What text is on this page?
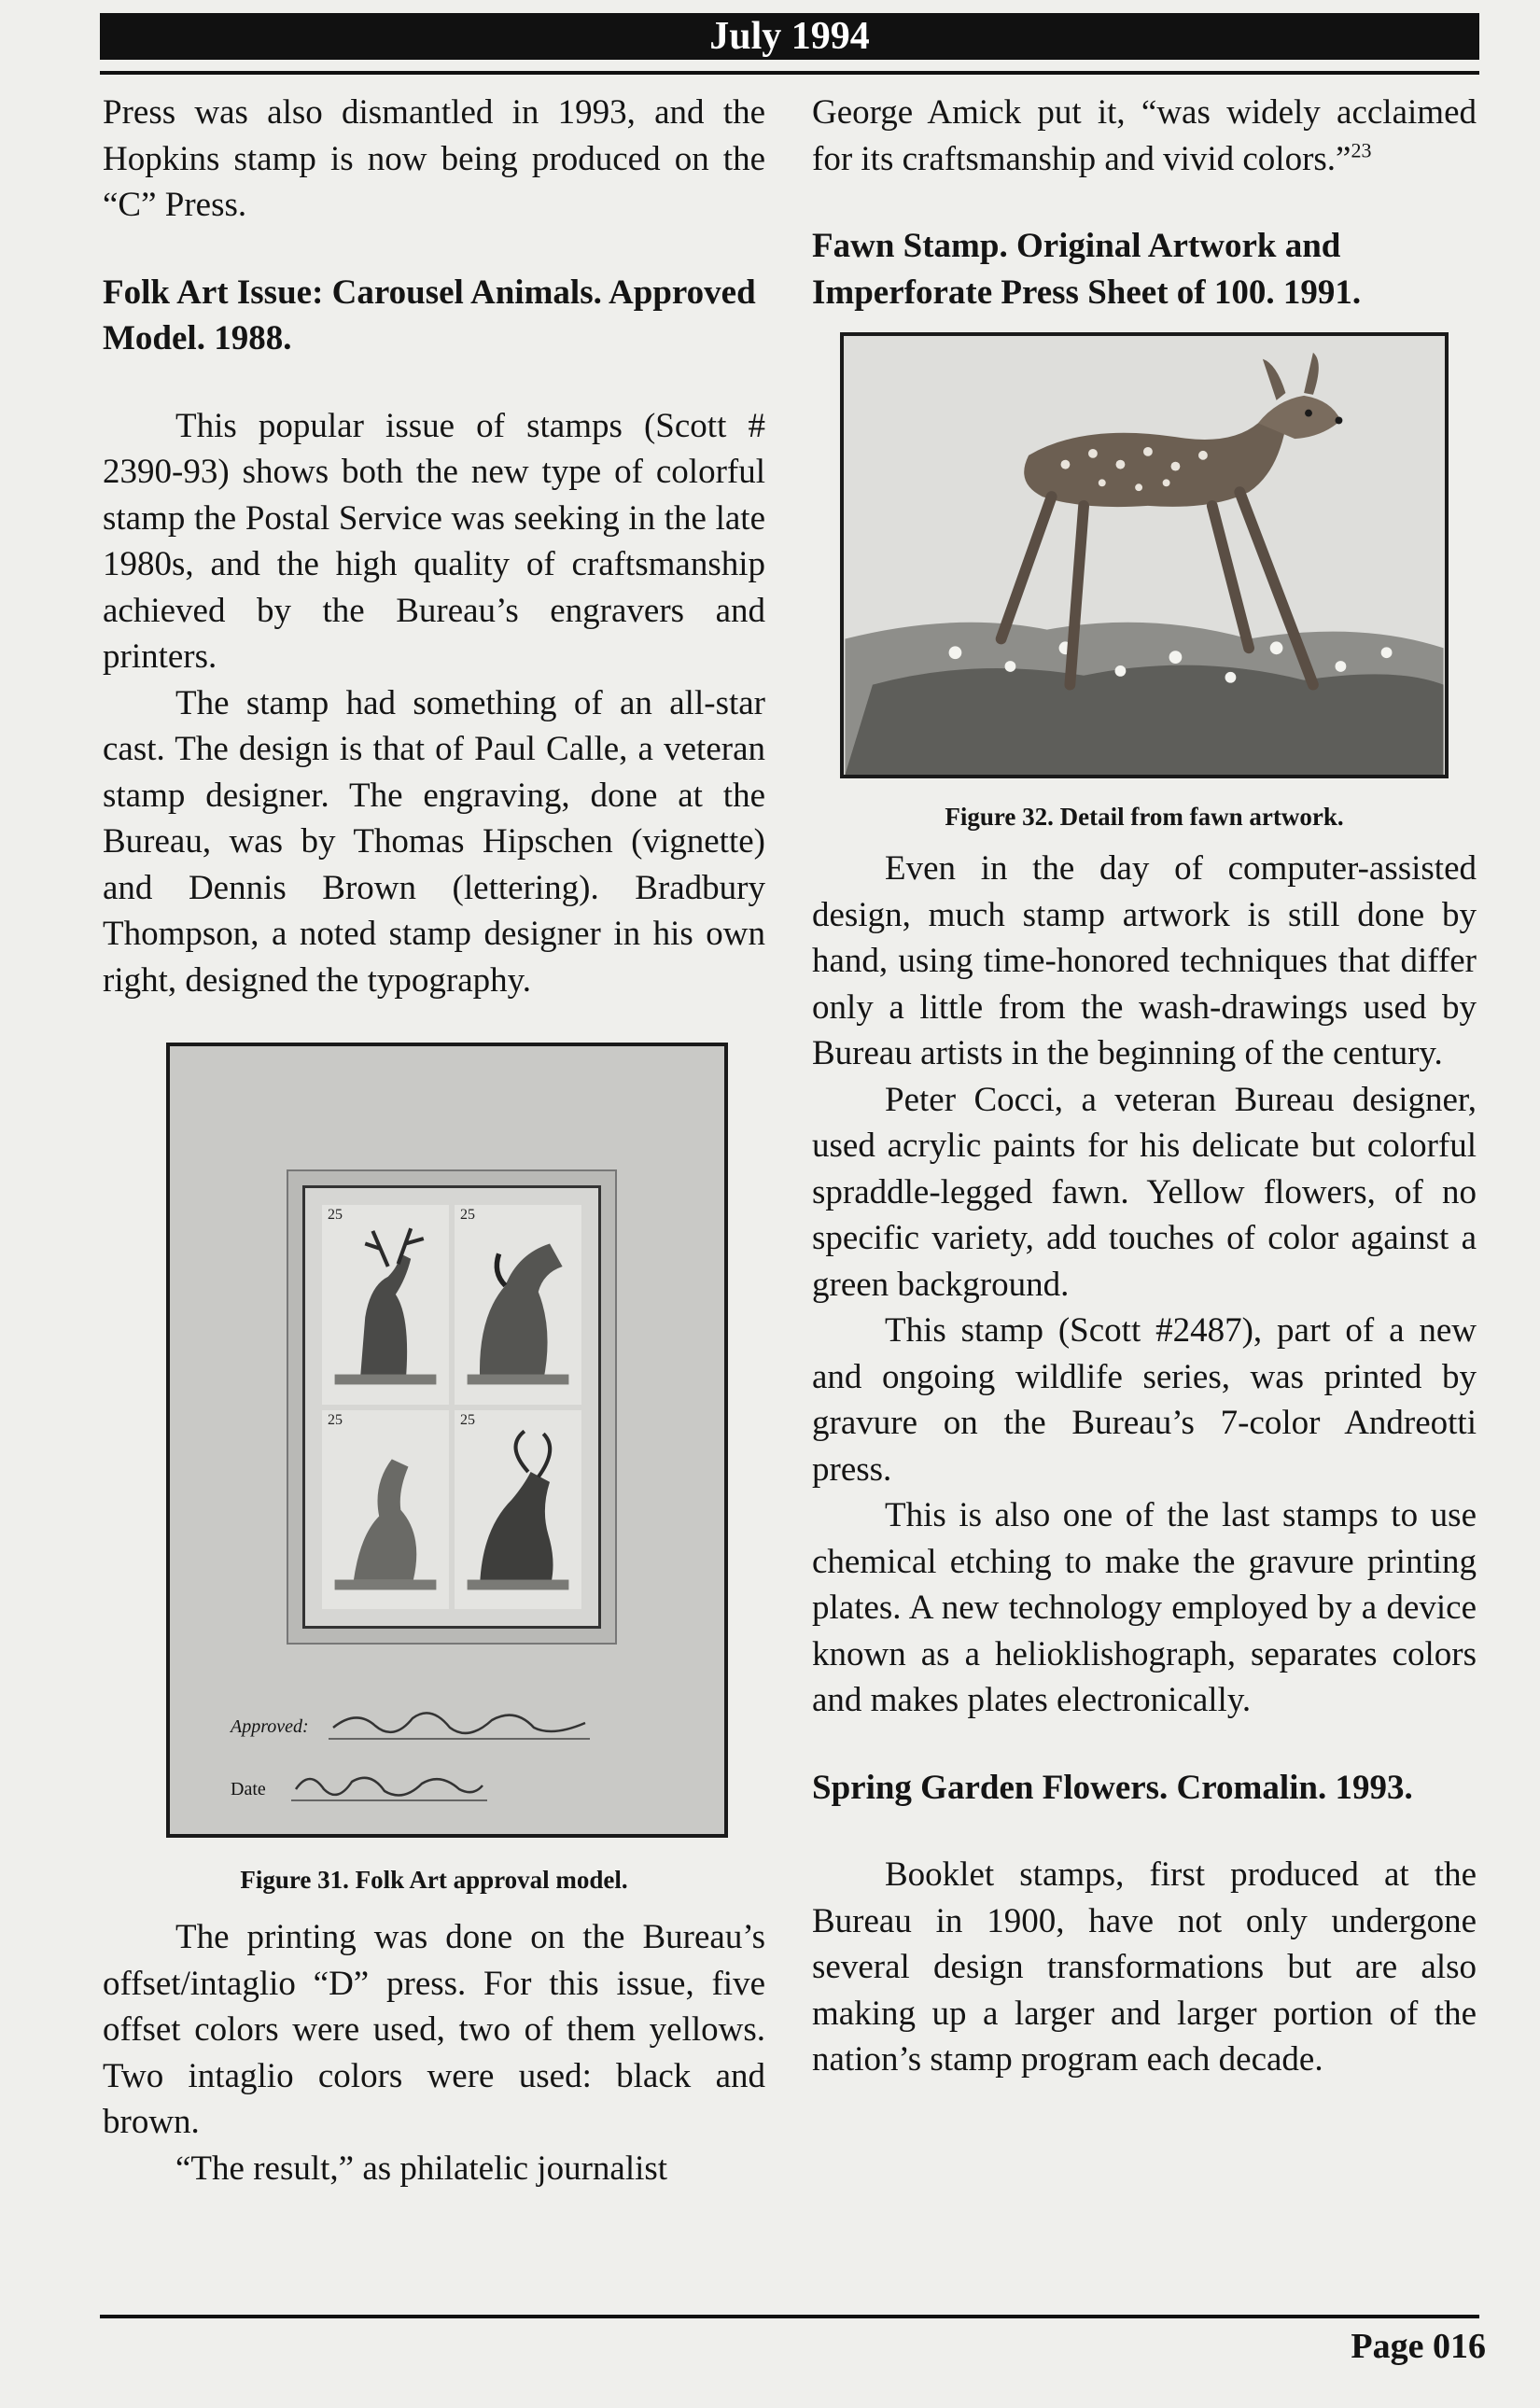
July 1994

Press was also dismantled in 1993, and the Hopkins stamp is now being produced on the “C” Press.

Folk Art Issue: Carousel Animals. Approved Model. 1988.

This popular issue of stamps (Scott # 2390-93) shows both the new type of colorful stamp the Postal Service was seeking in the late 1980s, and the high quality of craftsmanship achieved by the Bureau’s engravers and printers.

The stamp had something of an all-star cast. The design is that of Paul Calle, a veteran stamp designer. The engraving, done at the Bureau, was by Thomas Hipschen (vignette) and Dennis Brown (lettering). Bradbury Thompson, a noted stamp designer in his own right, designed the typography.

25	25
25	25
Approved:
Date

Figure 31. Folk Art approval model.

The printing was done on the Bureau’s offset/intaglio “D” press. For this issue, five offset colors were used, two of them yellows. Two intaglio colors were used: black and brown.

“The result,” as philatelic journalist

George Amick put it, “was widely acclaimed for its craftsmanship and vivid colors.”$^{23}$

Fawn Stamp. Original Artwork and Imperforate Press Sheet of 100. 1991.

Figure 32. Detail from fawn artwork.

Even in the day of computer-assisted design, much stamp artwork is still done by hand, using time-honored techniques that differ only a little from the wash-drawings used by Bureau artists in the beginning of the century.

Peter Cocci, a veteran Bureau designer, used acrylic paints for his delicate but colorful spraddle-legged fawn. Yellow flowers, of no specific variety, add touches of color against a green background.

This stamp (Scott #2487), part of a new and ongoing wildlife series, was printed by gravure on the Bureau’s 7-color Andreotti press.

This is also one of the last stamps to use chemical etching to make the gravure printing plates. A new technology employed by a device known as a helioklishograph, separates colors and makes plates electronically.

Spring Garden Flowers. Cromalin. 1993.

Booklet stamps, first produced at the Bureau in 1900, have not only undergone several design transformations but are also making up a larger and larger portion of the nation’s stamp program each decade.

Page 016
